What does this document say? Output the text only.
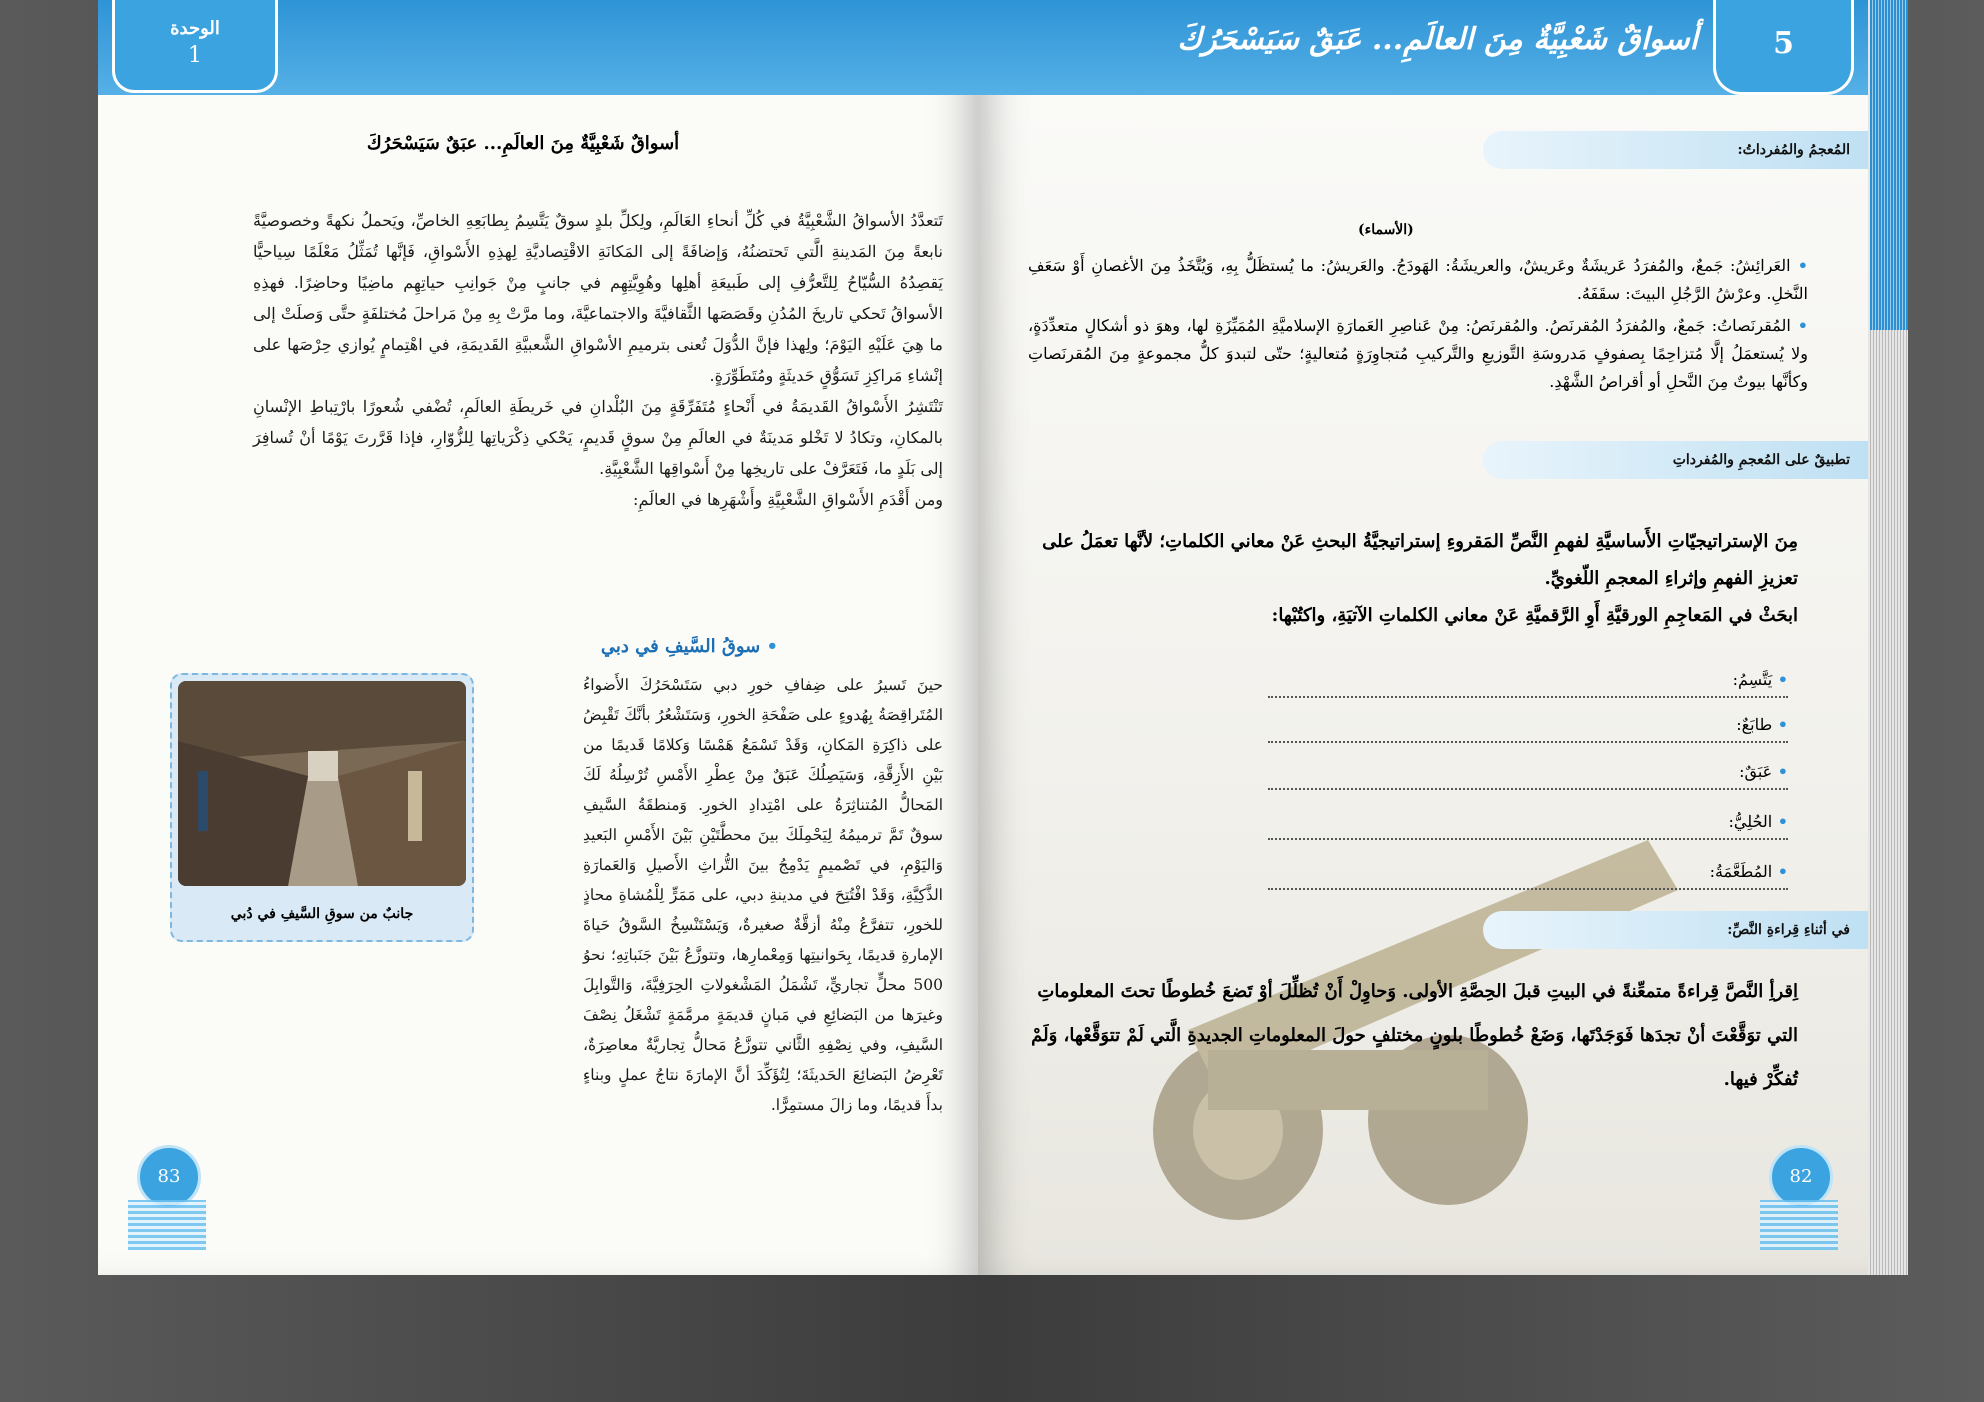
الوحدة
1
أسواقٌ شَعْبِيَّةٌ مِنَ العالَمِ... عبَقٌ سَيَسْحَرُكَ

تَتعدَّدُ الأسواقُ الشَّعْبِيَّةُ في كُلِّ أنحاءِ العَالَمِ، ولِكلِّ بلدٍ سوقٌ يَتَّسِمُ بِطابَعِهِ الخاصِّ، ويَحملُ نكهةً وخصوصيَّةً نابعةً مِنَ المَدينةِ الَّتي تَحتضنُهُ، وَإضافَةً إلى المَكانَةِ الاقْتِصاديَّةِ لِهذِهِ الأَسْواقِ، فَإنَّها تُمَثِّلُ مَعْلَمًا سِياحيًّا يَقصِدُهُ السُّيّاحُ لِلتَّعرُّفِ إلى طَبيعَةِ أهلِها وهُوِيَّتِهِم في جانبٍ مِنْ جَوانِبِ حياتِهِم ماضِيًا وحاضِرًا. فهذِهِ الأسواقُ تَحكي تاريخَ المُدُنِ وقَصَصَها الثَّقافيَّةَ والاجتماعيَّةَ، وما مرَّتْ بِهِ مِنْ مَراحلَ مُختلفَةٍ حتَّى وَصلَتْ إلى ما هِيَ عَلَيْهِ اليَوْمَ؛ ولِهذا فإنَّ الدُّوَلَ تُعنى بترميمِ الأسْواقِ الشَّعبيَّةِ القَديمَةِ، في اهْتِمامٍ يُوازي حِرْصَها على إنْشاءِ مَراكِزِ تَسَوُّقٍ حَديثَةٍ ومُتَطَوِّرَةٍ.

تَنْتَشِرُ الأَسْواقُ القَديمَةُ في أَنْحاءٍ مُتَفَرِّقَةٍ مِنَ البُلْدانِ في خَريطَةِ العالَمِ، تُضْفي شُعورًا بارْتِباطِ الإنْسانِ بالمكانِ، وتكادُ لا تَخْلو مَدينَةٌ في العالَمِ مِنْ سوقٍ قَديمٍ، يَحْكي ذِكْرَياتِها لِلزُّوّارِ، فإذا قَرَّرتَ يَوْمًا أنْ تُسافِرَ إلى بَلَدٍ ما، فَتَعَرَّفْ على تاريخِها مِنْ أَسْواقِها الشَّعْبِيَّةِ.

ومن أَقْدَمِ الأَسْواقِ الشَّعْبِيَّةِ وأَشْهَرِها في العالَمِ:

• سوقُ السَّيفِ في دبي

حينَ تَسيرُ على ضِفافِ خورِ دبي سَتَسْحَرُكَ الأَضواءُ المُتَراقِصَةُ بِهُدوءٍ على صَفْحَةِ الخورِ، وَسَتَشْعُرُ بأنَّكَ تَقْبِضُ على ذاكِرَةِ المَكانِ، وَقَدْ تَسْمَعُ هَمْسًا وَكلامًا قَديمًا من بَيْنِ الأَزِقَّةِ، وَسَيَصِلُكَ عَبَقٌ مِنْ عِطْرِ الأَمْسِ تُرْسِلُهُ لَكَ المَحالُّ المُتناثِرَةُ على امْتِدادِ الخورِ. وَمنطقَةُ السَّيفِ سوقٌ تَمَّ ترميمُهُ لِيَحْمِلَكَ بينَ محطَّتَيْنِ بَيْنَ الأَمْسِ البَعيدِ وَاليَوْمِ، في تَصْميمٍ يَدْمِجُ بينَ التُّراثِ الأَصيلِ وَالعَمارَةِ الذَّكِيَّةِ، وَقَدْ افْتُتِحَ في مدينةِ دبي، على مَمَرٍّ لِلْمُشاةِ محاذٍ للخورِ، تتفرَّعُ مِنْهُ أزقَّةٌ صغيرةٌ، وَيَسْتَنْسِخُ السَّوقُ حَياةَ الإمارةِ قديمًا، بِحَوانيتِها وَمِعْمارِها، وتتوزَّعُ بَيْنَ جَنَباتِهِ؛ نحوُ 500 محلٍّ تجاريٍّ، تَشْمَلُ المَشْغولاتِ الحِرَفِيَّةَ، وَالتَّوابِلَ وغيرَها من البَضائِعِ في مَبانٍ قديمَةٍ مرمَّمَةٍ تَشْغَلُ نِصْفَ السَّيفِ، وفي نِصْفِهِ الثَّاني تتوزَّعُ مَحالُّ تِجاريَّةٌ معاصِرَةٌ، تَعْرِضُ البَضائِعَ الحَديثَةَ؛ لِتُؤَكِّدَ أنَّ الإمارَةَ نتاجُ عملٍ وبناءٍ بدأَ قديمًا، وما زالَ مستمِرًّا.

جانبٌ من سوقِ السَّيفِ في دُبي
83
أسواقٌ شَعْبِيَّةٌ مِنَ العالَمِ... عَبَقٌ سَيَسْحَرُكَ	5
المُعجمُ والمُفرداتُ:
(الأسماء)

• العَرائِشُ: جَمعٌ، والمُفرَدُ عَريشَةٌ وعَريشٌ، والعريشَةُ: الهَودَجُ. والعَريشُ: ما يُستظَلُّ بِهِ، وَيُتَّخَذُ مِنَ الأغصانِ أَوْ سَعَفِ النَّخلِ. وعرْشُ الرَّجُلِ البيتَ: سقَفَهُ.

• المُقرنَصاتُ: جَمعٌ، والمُفرَدُ المُقرنَصُ. والمُقرنَصُ: مِنْ عَناصِرِ العَمارَةِ الإسلاميَّةِ المُمَيِّزَةِ لها، وهوَ ذو أشكالٍ متعدِّدَةٍ، ولا يُستعمَلُ إلَّا مُتزاحِمًا بِصفوفٍ مَدروسَةِ التَّوزيعِ والتَّركيبِ مُتجاوِرَةٍ مُتعاليةٍ؛ حتّى لتبدوَ كلُّ مجموعةٍ مِنَ المُقرنَصاتِ وكأنَّها بيوتٌ مِنَ النَّحلِ أو أقراصُ الشَّهْدِ.

تطبيقٌ على المُعجمِ والمُفرداتِ

مِنَ الإستراتيجيّاتِ الأَساسيَّةِ لفهمِ النَّصِّ المَقروءِ إستراتيجيَّةُ البحثِ عَنْ معاني الكلماتِ؛ لأنَّها تعمَلُ على تعزيزِ الفهمِ وإثراءِ المعجمِ اللّغويِّ.

ابحَثْ في المَعاجِمِ الورقيَّةِ أَوِ الرَّقميَّةِ عَنْ معاني الكلماتِ الآتيَةِ، واكتُبْها:

• يَتَّسِمُ:
• طابَعٌ:
• عَبَقٌ:
• الحُلِيُّ:
• المُطَعَّمَةُ:
في أثناءِ قِراءةِ النَّصِّ:
اِقرأِ النَّصَّ قِراءةً متمعِّنةً في البيتِ قبلَ الحِصَّةِ الأولى. وَحاوِلْ أَنْ تُظلِّلَ أوْ تَضعَ خُطوطًا تحتَ المعلوماتِ التي توَقَّعْتَ أنْ تجدَها فَوَجَدْتَها، وَضَعْ خُطوطًا بلونٍ مختلفٍ حولَ المعلوماتِ الجديدةِ الَّتي لَمْ تتوَقَّعْها، وَلَمْ تُفكِّرْ فيها.
82
